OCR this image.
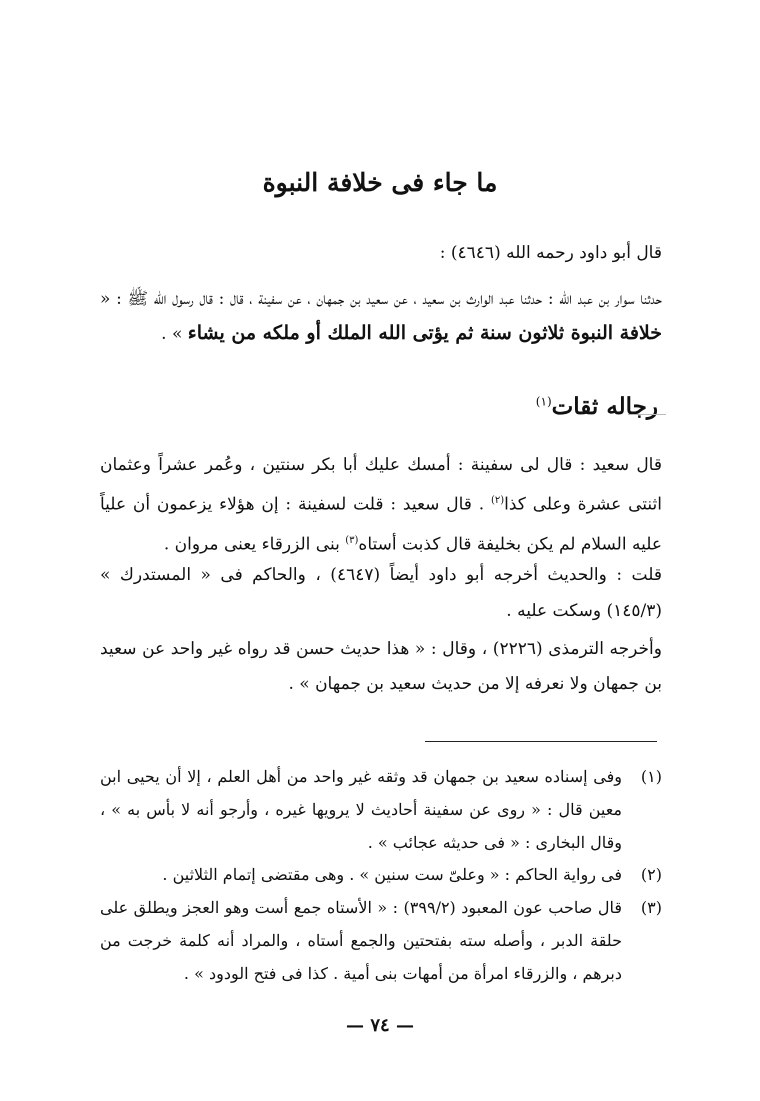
ما جاء فى خلافة النبوة
قال أبو داود رحمه الله (٤٦٤٦) :
حدثنا سوار بن عبد الله : حدثنا عبد الوارث بن سعيد ، عن سعيد بن جمهان ، عن سفينة ، قال : قال رسول الله ﷺ : « خلافة النبوة ثلاثون سنة ثم يؤتى الله الملك أو ملكه من يشاء » .
رجاله ثقات$^{(١)}$
قال سعيد : قال لى سفينة : أمسك عليك أبا بكر سنتين ، وعُمر عشراً وعثمان اثنتى عشرة وعلى كذا$^{(٢)}$ . قال سعيد : قلت لسفينة : إن هؤلاء يزعمون أن علياً عليه السلام لم يكن بخليفة قال كذبت أستاه$^{(٣)}$ بنى الزرقاء يعنى مروان .
قلت : والحديث أخرجه أبو داود أيضاً (٤٦٤٧) ، والحاكم فى « المستدرك » (١٤٥/٣) وسكت عليه .
وأخرجه الترمذى (٢٢٢٦) ، وقال : « هذا حديث حسن قد رواه غير واحد عن سعيد بن جمهان ولا نعرفه إلا من حديث سعيد بن جمهان » .
(١)
وفى إسناده سعيد بن جمهان قد وثقه غير واحد من أهل العلم ، إلا أن يحيى ابن معين قال : « روى عن سفينة أحاديث لا يرويها غيره ، وأرجو أنه لا بأس به » ، وقال البخارى : « فى حديثه عجائب » .
(٢)
فى رواية الحاكم : « وعلىّ ست سنين » . وهى مقتضى إتمام الثلاثين .
(٣)
قال صاحب عون المعبود (٣٩٩/٢) : « الأستاه جمع أست وهو العجز ويطلق على حلقة الدبر ، وأصله سته بفتحتين والجمع أستاه ، والمراد أنه كلمة خرجت من دبرهم ، والزرقاء امرأة من أمهات بنى أمية . كذا فى فتح الودود » .
— ٧٤ —
